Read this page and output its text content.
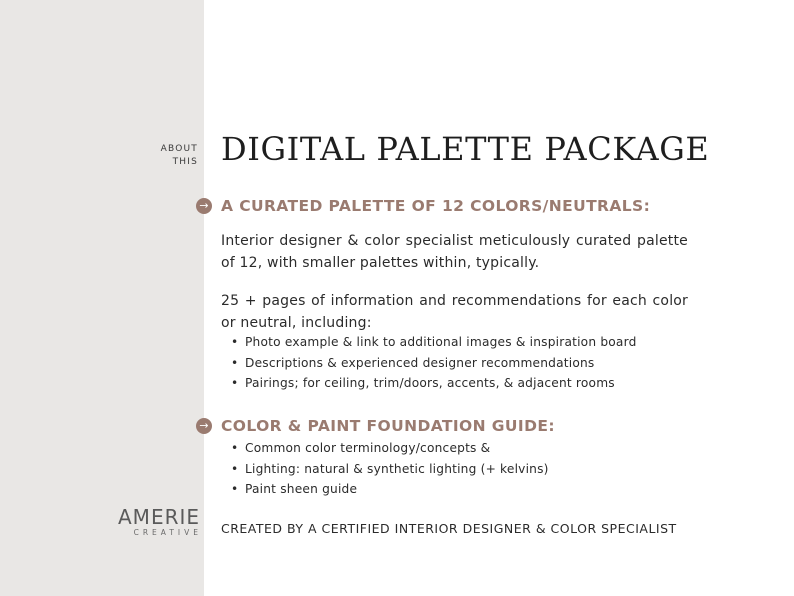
ABOUT
THIS DIGITAL PALETTE PACKAGE
→ A CURATED PALETTE OF 12 COLORS/NEUTRALS:

Interior designer & color specialist meticulously curated palette of 12, with smaller palettes within, typically.

25 + pages of information and recommendations for each color or neutral, including:

• Photo example & link to additional images & inspiration board
• Descriptions & experienced designer recommendations
• Pairings; for ceiling, trim/doors, accents, & adjacent rooms
→ COLOR & PAINT FOUNDATION GUIDE:
• Common color terminology/concepts &
• Lighting: natural & synthetic lighting (+ kelvins)
• Paint sheen guide
AMERIE
CREATIVE CREATED BY A CERTIFIED INTERIOR DESIGNER & COLOR SPECIALIST
